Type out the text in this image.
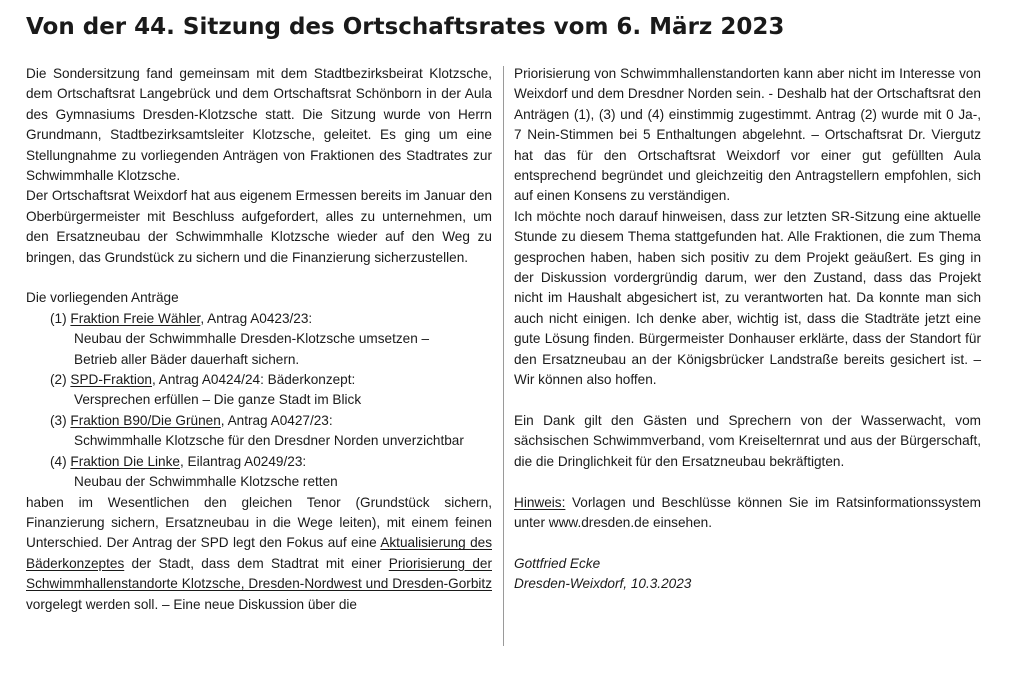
Von der 44. Sitzung des Ortschaftsrates vom 6. März 2023

Die Sondersitzung fand gemeinsam mit dem Stadtbezirksbeirat Klotzsche, dem Ortschaftsrat Langebrück und dem Ortschaftsrat Schönborn in der Aula des Gymnasiums Dresden-Klotzsche statt. Die Sitzung wurde von Herrn Grundmann, Stadtbezirksamtsleiter Klotzsche, geleitet. Es ging um eine Stellungnahme zu vorliegenden Anträgen von Fraktionen des Stadtrates zur Schwimmhalle Klotzsche.

Der Ortschaftsrat Weixdorf hat aus eigenem Ermessen bereits im Januar den Oberbürgermeister mit Beschluss aufgefordert, alles zu unternehmen, um den Ersatzneubau der Schwimmhalle Klotzsche wieder auf den Weg zu bringen, das Grundstück zu sichern und die Finanzierung sicherzustellen.

Die vorliegenden Anträge

(1) Fraktion Freie Wähler, Antrag A0423/23:
Neubau der Schwimmhalle Dresden-Klotzsche umsetzen –
Betrieb aller Bäder dauerhaft sichern.
(2) SPD-Fraktion, Antrag A0424/24: Bäderkonzept:
Versprechen erfüllen – Die ganze Stadt im Blick
(3) Fraktion B90/Die Grünen, Antrag A0427/23:
Schwimmhalle Klotzsche für den Dresdner Norden unverzichtbar
(4) Fraktion Die Linke, Eilantrag A0249/23:
Neubau der Schwimmhalle Klotzsche retten

haben im Wesentlichen den gleichen Tenor (Grundstück sichern, Finanzierung sichern, Ersatzneubau in die Wege leiten), mit einem feinen Unterschied. Der Antrag der SPD legt den Fokus auf eine Aktualisierung des Bäderkonzeptes der Stadt, dass dem Stadtrat mit einer Priorisierung der Schwimmhallenstandorte Klotzsche, Dresden-Nordwest und Dresden-Gorbitz vorgelegt werden soll. – Eine neue Diskussion über die

Priorisierung von Schwimmhallenstandorten kann aber nicht im Interesse von Weixdorf und dem Dresdner Norden sein. - Deshalb hat der Ortschaftsrat den Anträgen (1), (3) und (4) einstimmig zugestimmt. Antrag (2) wurde mit 0 Ja-, 7 Nein-Stimmen bei 5 Enthaltungen abgelehnt. – Ortschaftsrat Dr. Viergutz hat das für den Ortschaftsrat Weixdorf vor einer gut gefüllten Aula entsprechend begründet und gleichzeitig den Antragstellern empfohlen, sich auf einen Konsens zu verständigen.

Ich möchte noch darauf hinweisen, dass zur letzten SR-Sitzung eine aktuelle Stunde zu diesem Thema stattgefunden hat. Alle Fraktionen, die zum Thema gesprochen haben, haben sich positiv zu dem Projekt geäußert. Es ging in der Diskussion vordergründig darum, wer den Zustand, dass das Projekt nicht im Haushalt abgesichert ist, zu verantworten hat. Da konnte man sich auch nicht einigen. Ich denke aber, wichtig ist, dass die Stadträte jetzt eine gute Lösung finden. Bürgermeister Donhauser erklärte, dass der Standort für den Ersatzneubau an der Königsbrücker Landstraße bereits gesichert ist. – Wir können also hoffen.

Ein Dank gilt den Gästen und Sprechern von der Wasserwacht, vom sächsischen Schwimmverband, vom Kreiselternrat und aus der Bürgerschaft, die die Dringlichkeit für den Ersatzneubau bekräftigten.

Hinweis: Vorlagen und Beschlüsse können Sie im Ratsinformationssystem unter www.dresden.de einsehen.

Gottfried Ecke

Dresden-Weixdorf, 10.3.2023
